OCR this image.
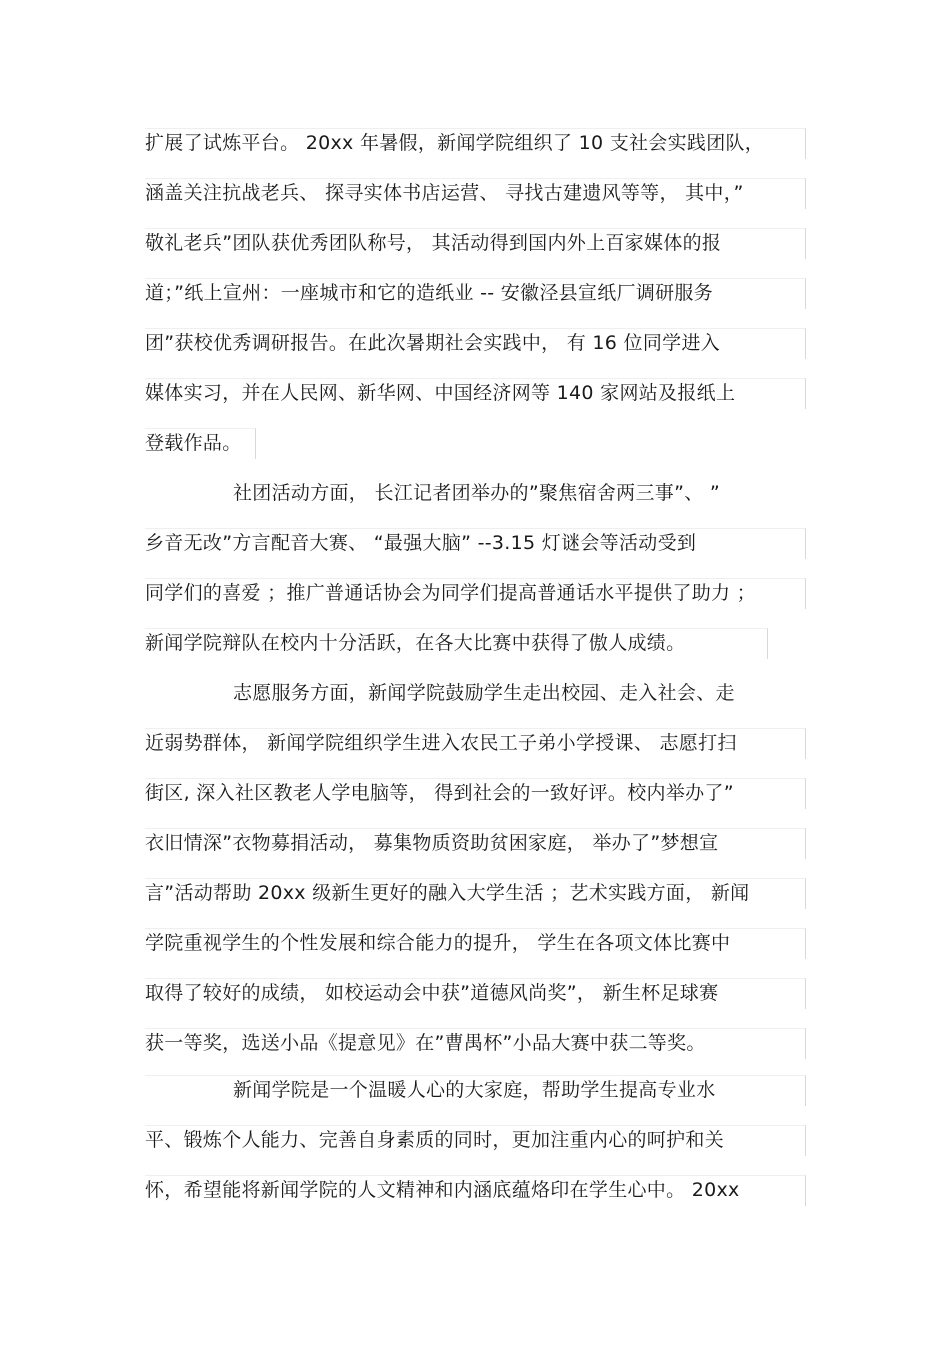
扩展了试炼平台。 20xx 年暑假，新闻学院组织了 10 支社会实践团队，
涵盖关注抗战老兵、 探寻实体书店运营、 寻找古建遗风等等， 其中，”
敬礼老兵”团队获优秀团队称号， 其活动得到国内外上百家媒体的报
道；”纸上宣州：一座城市和它的造纸业 -- 安徽泾县宣纸厂调研服务
团”获校优秀调研报告。在此次暑期社会实践中， 有 16 位同学进入
媒体实习，并在人民网、新华网、中国经济网等 140 家网站及报纸上
登载作品。
社团活动方面， 长江记者团举办的”聚焦宿舍两三事”、 ”
乡音无改”方言配音大赛、 “最强大脑” --3.15 灯谜会等活动受到
同学们的喜爱 ；推广普通话协会为同学们提高普通话水平提供了助力 ；
新闻学院辩队在校内十分活跃，在各大比赛中获得了傲人成绩。
志愿服务方面，新闻学院鼓励学生走出校园、走入社会、走
近弱势群体， 新闻学院组织学生进入农民工子弟小学授课、 志愿打扫
街区, 深入社区教老人学电脑等， 得到社会的一致好评。校内举办了”
衣旧情深”衣物募捐活动， 募集物质资助贫困家庭， 举办了”梦想宣
言”活动帮助 20xx 级新生更好的融入大学生活 ；艺术实践方面， 新闻
学院重视学生的个性发展和综合能力的提升， 学生在各项文体比赛中
取得了较好的成绩， 如校运动会中获”道德风尚奖”， 新生杯足球赛
获一等奖，选送小品《提意见》在”曹禺杯”小品大赛中获二等奖。
新闻学院是一个温暖人心的大家庭，帮助学生提高专业水
平、锻炼个人能力、完善自身素质的同时，更加注重内心的呵护和关
怀，希望能将新闻学院的人文精神和内涵底蕴烙印在学生心中。 20xx
